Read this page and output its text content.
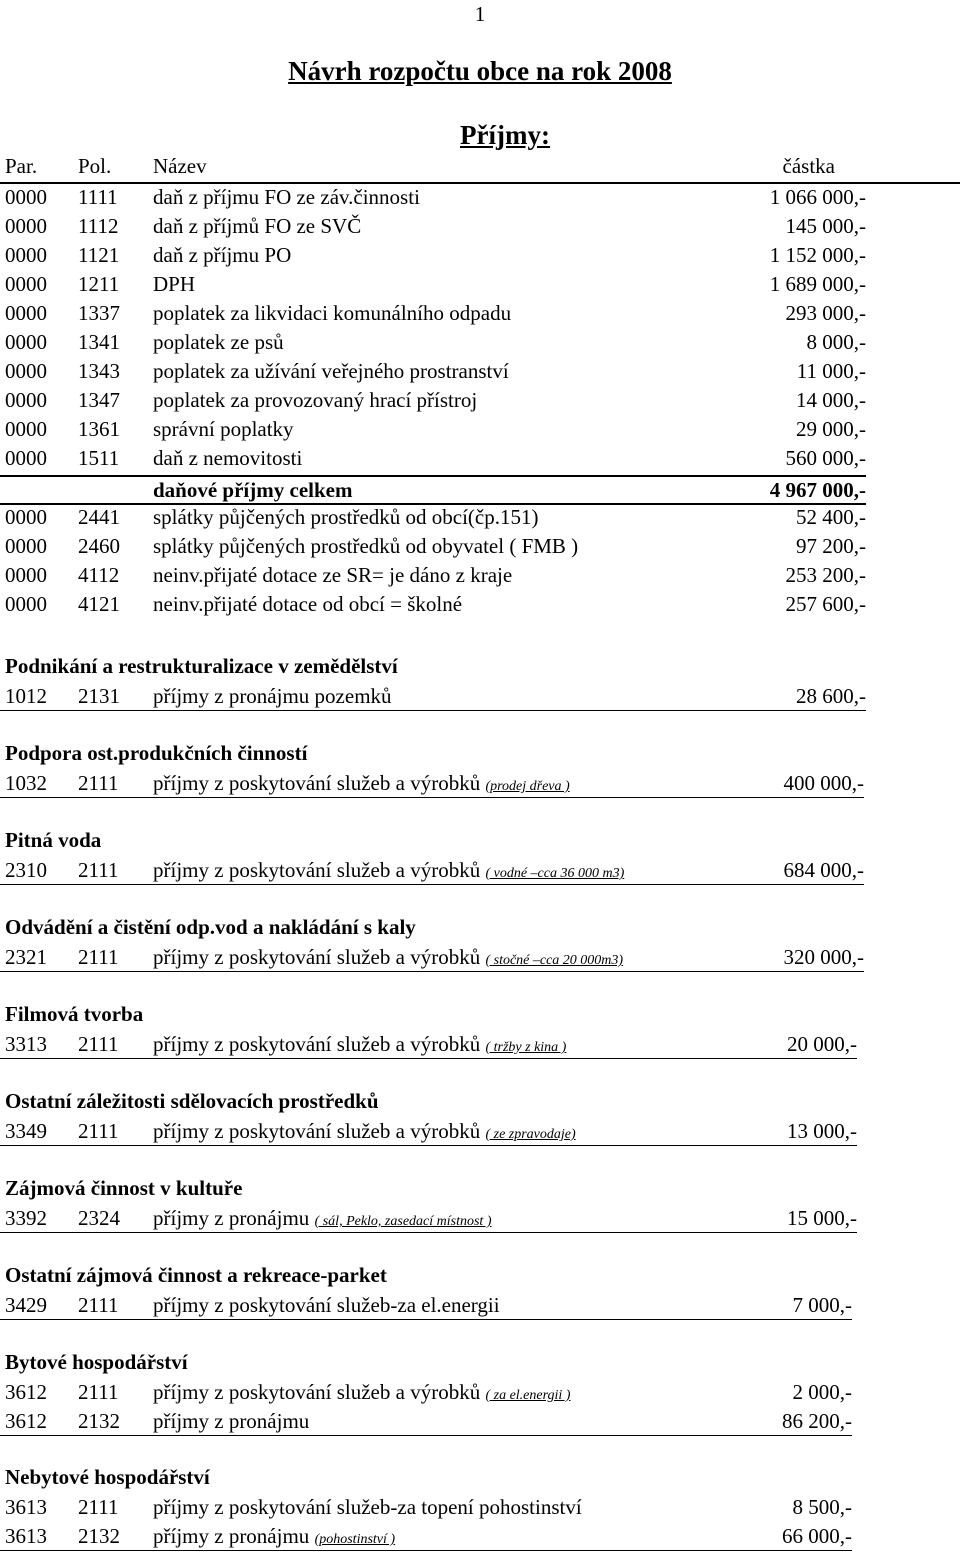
1
Návrh rozpočtu obce na rok 2008
Příjmy:
Par. Pol. Název	částka
0000 1111 daň z příjmu FO ze záv.činnosti	1 066 000,-
0000 1112 daň z příjmů FO ze SVČ	145 000,-
0000 1121 daň z příjmu PO	1 152 000,-
0000 1211 DPH	1 689 000,-
0000 1337 poplatek za likvidaci komunálního odpadu	293 000,-
0000 1341 poplatek ze psů	8 000,-
0000 1343 poplatek za užívání veřejného prostranství	11 000,-
0000 1347 poplatek za provozovaný hrací přístroj	14 000,-
0000 1361 správní poplatky	29 000,-
0000 1511 daň z nemovitosti	560 000,-
daňové příjmy celkem	4 967 000,-
0000 2441 splátky půjčených prostředků od obcí(čp.151)	52 400,-
0000 2460 splátky půjčených prostředků od obyvatel ( FMB )	97 200,-
0000 4112 neinv.přijaté dotace ze SR= je dáno z kraje	253 200,-
0000 4121 neinv.přijaté dotace od obcí = školné	257 600,-
Podnikání a restrukturalizace v zemědělství
1012 2131 příjmy z pronájmu pozemků	28 600,-
Podpora ost.produkčních činností
1032 2111 příjmy z poskytování služeb a výrobků (prodej dřeva )	400 000,-
Pitná voda
2310 2111 příjmy z poskytování služeb a výrobků ( vodné –cca 36 000 m3)	684 000,-
Odvádění a čistění odp.vod a nakládání s kaly
2321 2111 příjmy z poskytování služeb a výrobků ( stočné –cca 20 000m3)	320 000,-
Filmová tvorba
3313 2111 příjmy z poskytování služeb a výrobků ( tržby z kina )	20 000,-
Ostatní záležitosti sdělovacích prostředků
3349 2111 příjmy z poskytování služeb a výrobků ( ze zpravodaje)	13 000,-
Zájmová činnost v kultuře
3392 2324 příjmy z pronájmu ( sál, Peklo, zasedací místnost )	15 000,-
Ostatní zájmová činnost a rekreace-parket
3429 2111 příjmy z poskytování služeb-za el.energii	7 000,-
Bytové hospodářství
3612 2111 příjmy z poskytování služeb a výrobků ( za el.energii )	2 000,-
3612 2132 příjmy z pronájmu	86 200,-
Nebytové hospodářství
3613 2111 příjmy z poskytování služeb-za topení pohostinství	8 500,-
3613 2132 příjmy z pronájmu (pohostinství )	66 000,-
